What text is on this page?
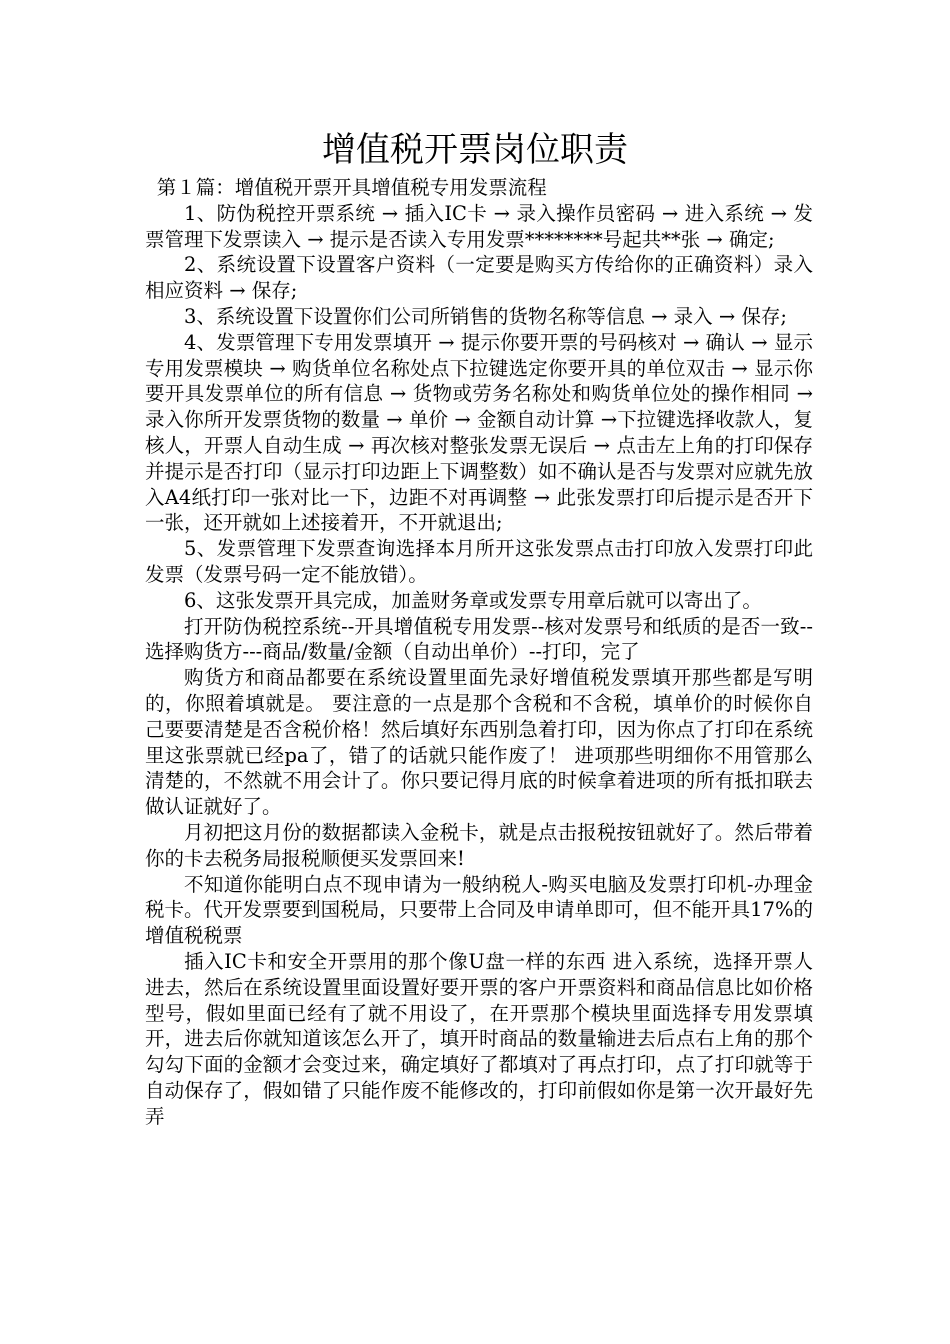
增值税开票岗位职责

第１篇：增值税开票开具增值税专用发票流程

1、防伪税控开票系统 → 插入IC卡 → 录入操作员密码 → 进入系统 → 发票管理下发票读入 → 提示是否读入专用发票********号起共**张 → 确定;

2、系统设置下设置客户资料（一定要是购买方传给你的正确资料）录入相应资料 → 保存;

3、系统设置下设置你们公司所销售的货物名称等信息 → 录入 → 保存;

4、发票管理下专用发票填开 → 提示你要开票的号码核对 → 确认 → 显示专用发票模块 → 购货单位名称处点下拉键选定你要开具的单位双击 → 显示你要开具发票单位的所有信息 → 货物或劳务名称处和购货单位处的操作相同 → 录入你所开发票货物的数量 → 单价 → 金额自动计算 →下拉键选择收款人，复核人，开票人自动生成 → 再次核对整张发票无误后 → 点击左上角的打印保存并提示是否打印（显示打印边距上下调整数）如不确认是否与发票对应就先放入A4纸打印一张对比一下，边距不对再调整 → 此张发票打印后提示是否开下一张，还开就如上述接着开，不开就退出;

5、发票管理下发票查询选择本月所开这张发票点击打印放入发票打印此发票（发票号码一定不能放错）。

6、这张发票开具完成，加盖财务章或发票专用章后就可以寄出了。

打开防伪税控系统--开具增值税专用发票--核对发票号和纸质的是否一致--选择购货方---商品/数量/金额（自动出单价）--打印，完了

购货方和商品都要在系统设置里面先录好增值税发票填开那些都是写明的，你照着填就是。 要注意的一点是那个含税和不含税，填单价的时候你自己要要清楚是否含税价格！然后填好东西别急着打印，因为你点了打印在系统里这张票就已经pa了，错了的话就只能作废了！ 进项那些明细你不用管那么清楚的，不然就不用会计了。你只要记得月底的时候拿着进项的所有抵扣联去做认证就好了。

月初把这月份的数据都读入金税卡，就是点击报税按钮就好了。然后带着你的卡去税务局报税顺便买发票回来!

不知道你能明白点不现申请为一般纳税人-购买电脑及发票打印机-办理金税卡。代开发票要到国税局，只要带上合同及申请单即可，但不能开具17%的增值税税票

插入IC卡和安全开票用的那个像U盘一样的东西 进入系统，选择开票人进去，然后在系统设置里面设置好要开票的客户开票资料和商品信息比如价格型号，假如里面已经有了就不用设了，在开票那个模块里面选择专用发票填开，进去后你就知道该怎么开了，填开时商品的数量输进去后点右上角的那个勾勾下面的金额才会变过来，确定填好了都填对了再点打印，点了打印就等于自动保存了，假如错了只能作废不能修改的，打印前假如你是第一次开最好先弄
